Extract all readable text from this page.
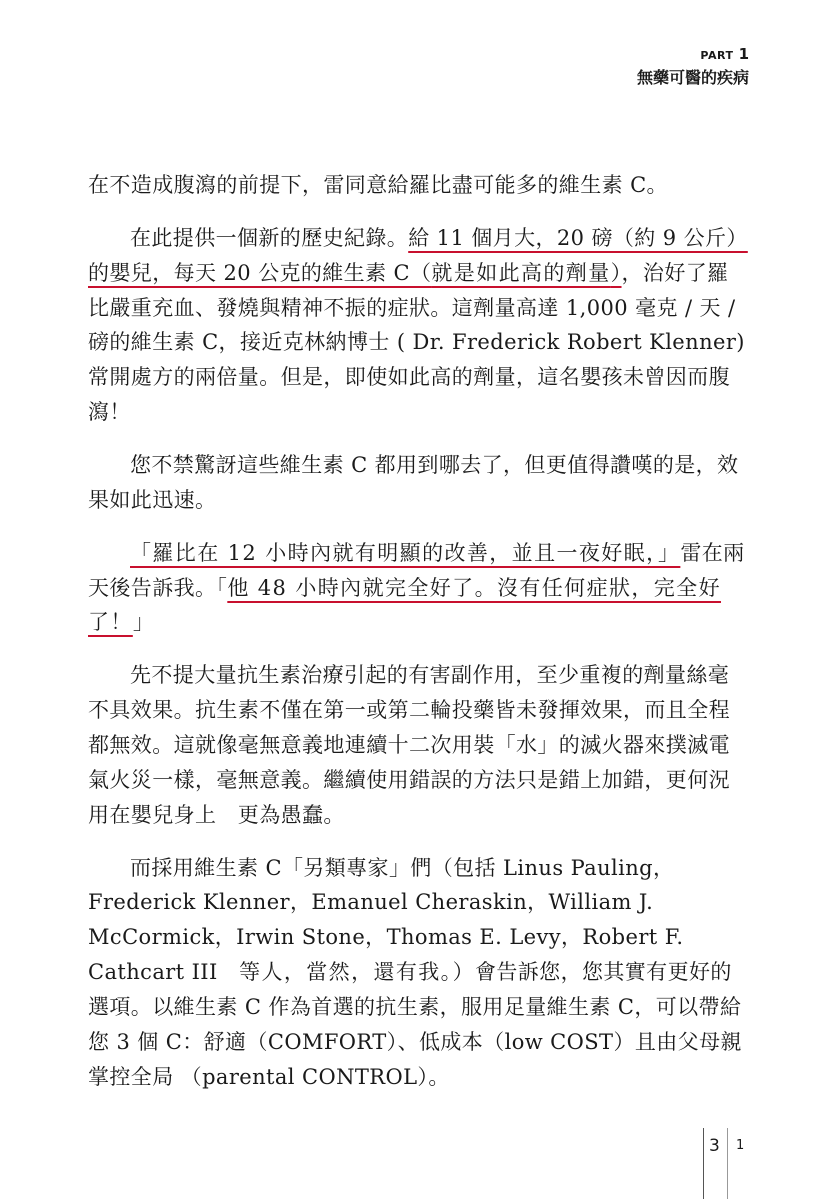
PART 1
無藥可醫的疾病

在不造成腹瀉的前提下，雷同意給羅比盡可能多的維生素 C。

在此提供一個新的歷史紀錄。給 11 個月大，20 磅（約 9 公斤）的嬰兒，每天 20 公克的維生素 C（就是如此高的劑量），治好了羅比嚴重充血、發燒與精神不振的症狀。這劑量高達 1,000 毫克 / 天 / 磅的維生素 C，接近克林納博士 ( Dr. Frederick Robert Klenner) 常開處方的兩倍量。但是，即使如此高的劑量，這名嬰孩未曾因而腹瀉！

您不禁驚訝這些維生素 C 都用到哪去了，但更值得讚嘆的是，效果如此迅速。

「羅比在 12 小時內就有明顯的改善，並且一夜好眠，」雷在兩天後告訴我。「他 48 小時內就完全好了。沒有任何症狀，完全好了！」

先不提大量抗生素治療引起的有害副作用，至少重複的劑量絲毫不具效果。抗生素不僅在第一或第二輪投藥皆未發揮效果，而且全程都無效。這就像毫無意義地連續十二次用裝「水」的滅火器來撲滅電氣火災一樣，毫無意義。繼續使用錯誤的方法只是錯上加錯，更何況用在嬰兒身上　更為愚蠢。

而採用維生素 C「另類專家」們（包括 Linus Pauling，Frederick Klenner，Emanuel Cheraskin，William J. McCormick，Irwin Stone，Thomas E. Levy，Robert F. Cathcart III　等人，當然，還有我。）會告訴您，您其實有更好的選項。以維生素 C 作為首選的抗生素，服用足量維生素 C，可以帶給您 3 個 C：舒適（COMFORT）、低成本（low COST）且由父母親掌控全局 （parental CONTROL）。

3 1
